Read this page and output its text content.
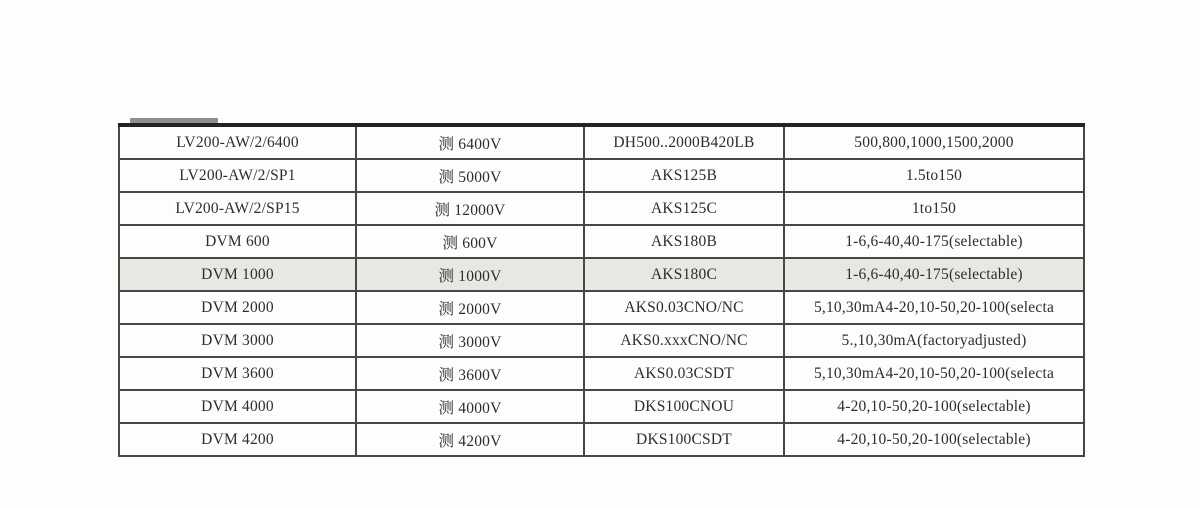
LV200-AW/2/6400	测 6400V	DH500..2000B420LB	500,800,1000,1500,2000
LV200-AW/2/SP1	测 5000V	AKS125B	1.5to150
LV200-AW/2/SP15	测 12000V	AKS125C	1to150
DVM 600	测 600V	AKS180B	1-6,6-40,40-175(selectable)
DVM 1000	测 1000V	AKS180C	1-6,6-40,40-175(selectable)
DVM 2000	测 2000V	AKS0.03CNO/NC	5,10,30mA4-20,10-50,20-100(selecta
DVM 3000	测 3000V	AKS0.xxxCNO/NC	5.,10,30mA(factoryadjusted)
DVM 3600	测 3600V	AKS0.03CSDT	5,10,30mA4-20,10-50,20-100(selecta
DVM 4000	测 4000V	DKS100CNOU	4-20,10-50,20-100(selectable)
DVM 4200	测 4200V	DKS100CSDT	4-20,10-50,20-100(selectable)
